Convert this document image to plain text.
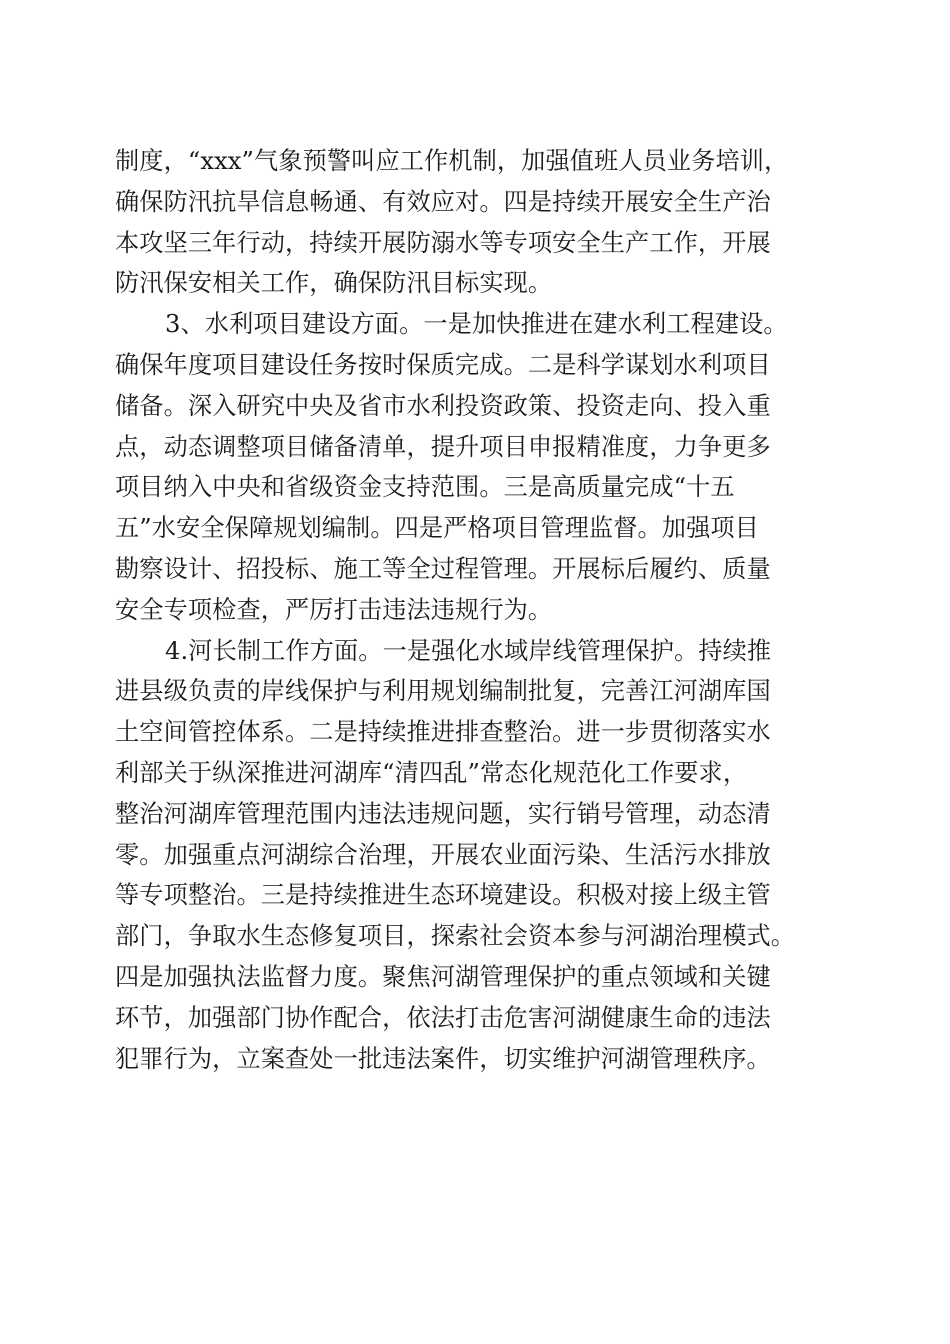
制度，“xxx”气象预警叫应工作机制，加强值班人员业务培训，
确保防汛抗旱信息畅通、有效应对。四是持续开展安全生产治
本攻坚三年行动，持续开展防溺水等专项安全生产工作，开展
防汛保安相关工作，确保防汛目标实现。
3、水利项目建设方面。一是加快推进在建水利工程建设。
确保年度项目建设任务按时保质完成。二是科学谋划水利项目
储备。深入研究中央及省市水利投资政策、投资走向、投入重
点，动态调整项目储备清单，提升项目申报精准度，力争更多
项目纳入中央和省级资金支持范围。三是高质量完成“十五
五”水安全保障规划编制。四是严格项目管理监督。加强项目
勘察设计、招投标、施工等全过程管理。开展标后履约、质量
安全专项检查，严厉打击违法违规行为。
4.河长制工作方面。一是强化水域岸线管理保护。持续推
进县级负责的岸线保护与利用规划编制批复，完善江河湖库国
土空间管控体系。二是持续推进排查整治。进一步贯彻落实水
利部关于纵深推进河湖库“清四乱”常态化规范化工作要求，
整治河湖库管理范围内违法违规问题，实行销号管理，动态清
零。加强重点河湖综合治理，开展农业面污染、生活污水排放
等专项整治。三是持续推进生态环境建设。积极对接上级主管
部门，争取水生态修复项目，探索社会资本参与河湖治理模式。
四是加强执法监督力度。聚焦河湖管理保护的重点领域和关键
环节，加强部门协作配合，依法打击危害河湖健康生命的违法
犯罪行为，立案查处一批违法案件，切实维护河湖管理秩序。
